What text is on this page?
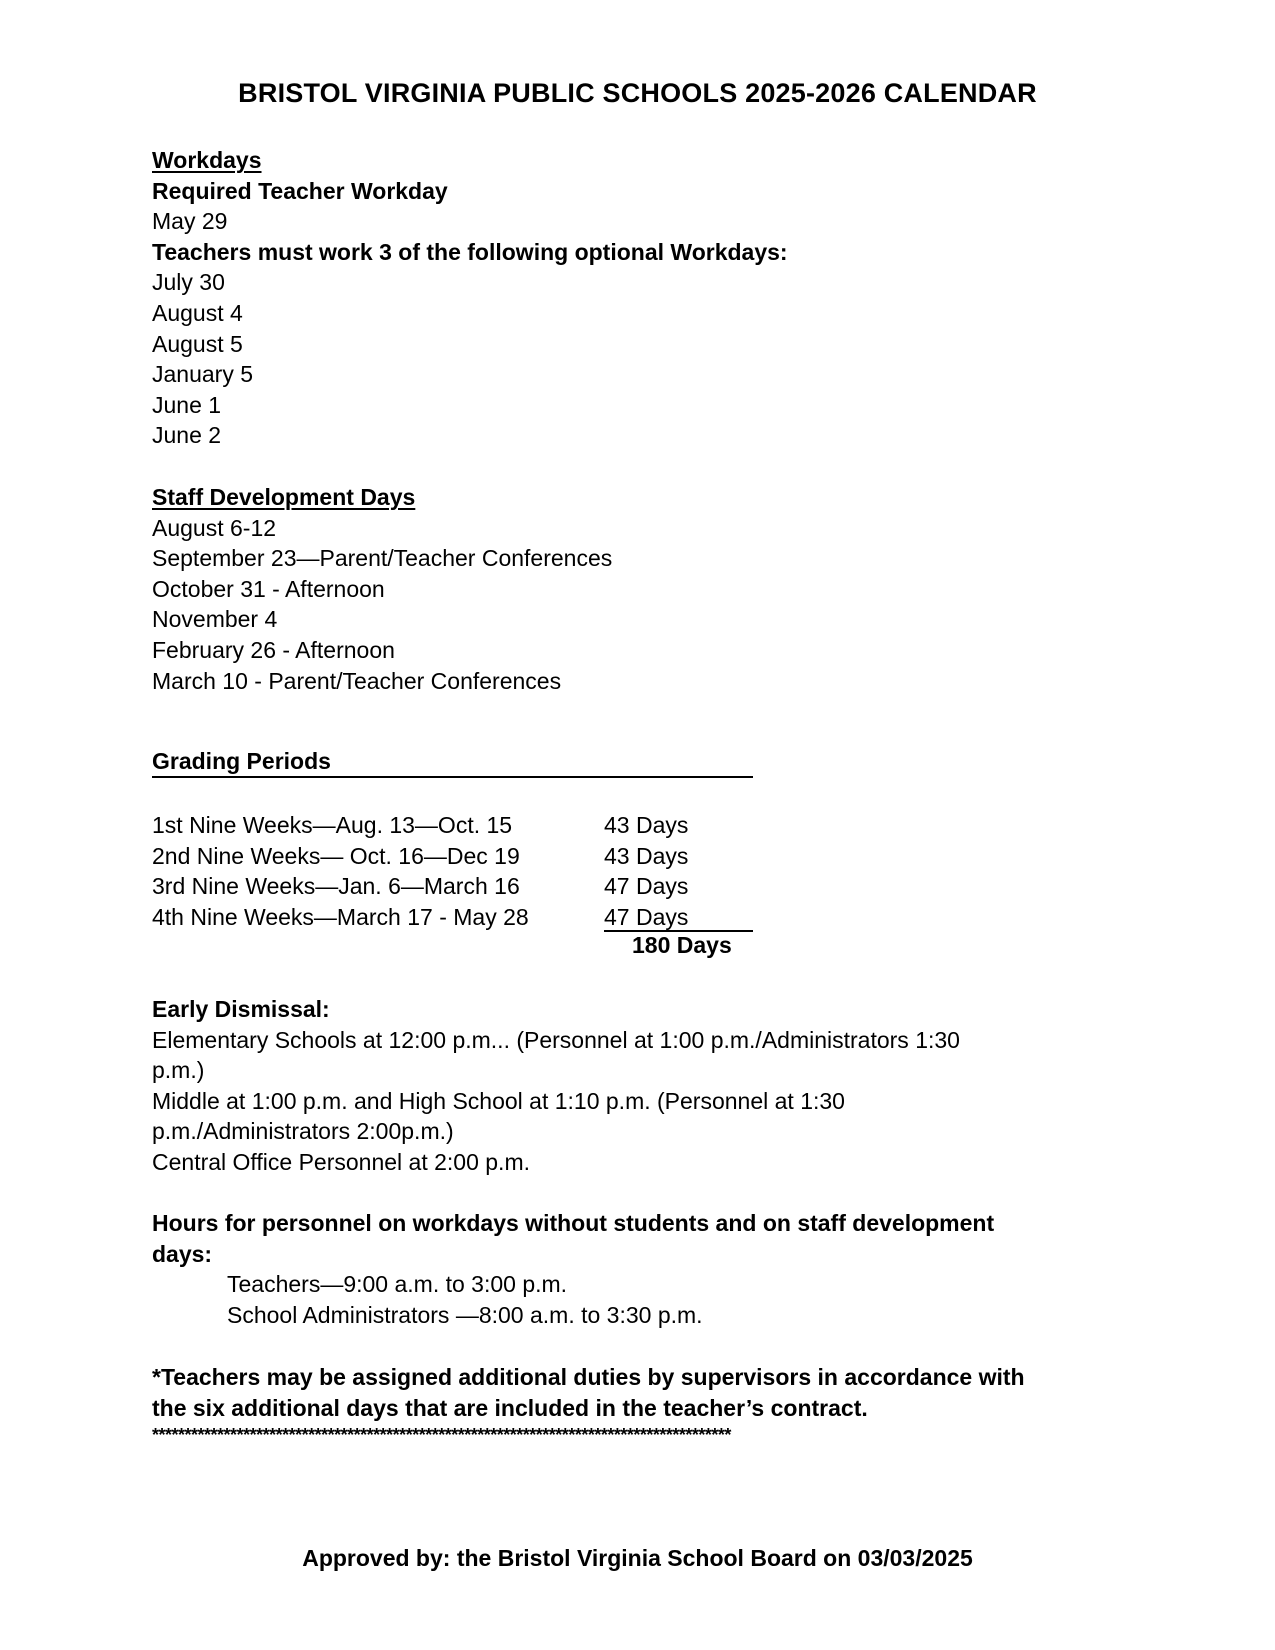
BRISTOL VIRGINIA PUBLIC SCHOOLS 2025-2026 CALENDAR
Workdays
Required Teacher Workday
May 29
Teachers must work 3 of the following optional Workdays:
July 30
August 4
August 5
January 5
June 1
June 2
Staff Development Days
August 6-12
September 23—Parent/Teacher Conferences
October 31 - Afternoon
November 4
February 26 - Afternoon
March 10 - Parent/Teacher Conferences
Grading Periods
1st Nine Weeks—Aug. 13—Oct. 15	43 Days
2nd Nine Weeks— Oct. 16—Dec 19	43 Days
3rd Nine Weeks—Jan. 6—March 16	47 Days
4th Nine Weeks—March 17 - May 28	47 Days
180 Days
Early Dismissal:
Elementary Schools at 12:00 p.m... (Personnel at 1:00 p.m./Administrators 1:30
p.m.)
Middle at 1:00 p.m. and High School at 1:10 p.m. (Personnel at 1:30
p.m./Administrators 2:00p.m.)
Central Office Personnel at 2:00 p.m.
Hours for personnel on workdays without students and on staff development
days:
Teachers—9:00 a.m. to 3:00 p.m.
School Administrators —8:00 a.m. to 3:30 p.m.
*Teachers may be assigned additional duties by supervisors in accordance with
the six additional days that are included in the teacher’s contract.
*****************************************************************************************
Approved by: the Bristol Virginia School Board on 03/03/2025
